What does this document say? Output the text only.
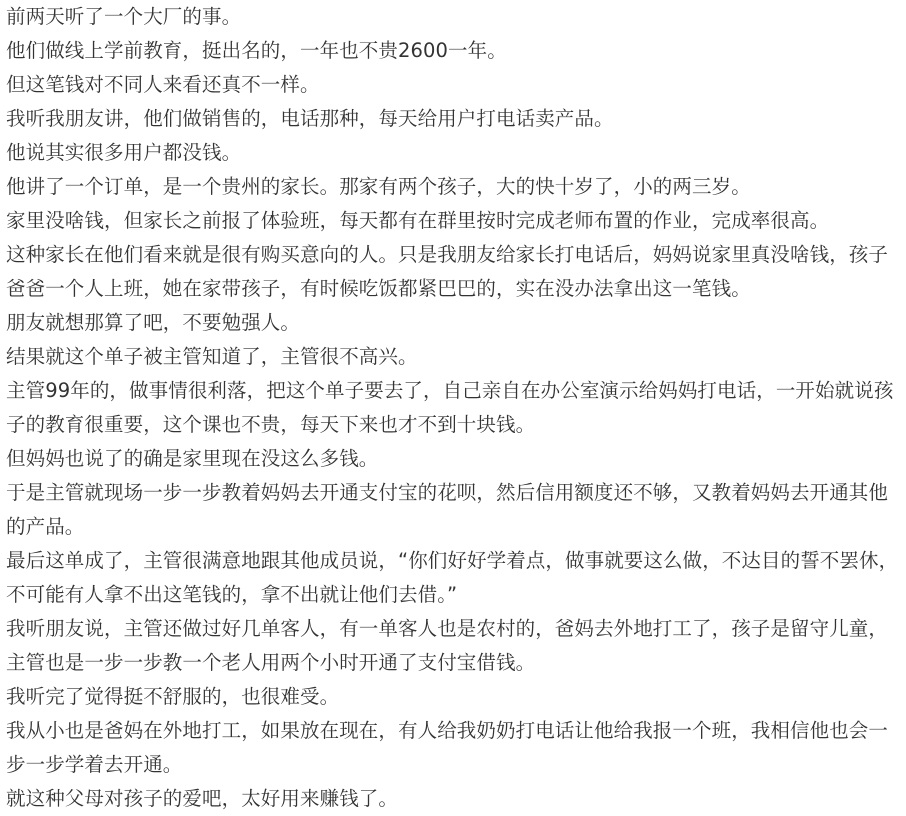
前两天听了一个大厂的事。

他们做线上学前教育，挺出名的，一年也不贵2600一年。

但这笔钱对不同人来看还真不一样。

我听我朋友讲，他们做销售的，电话那种，每天给用户打电话卖产品。

他说其实很多用户都没钱。

他讲了一个订单，是一个贵州的家长。那家有两个孩子，大的快十岁了，小的两三岁。

家里没啥钱，但家长之前报了体验班，每天都有在群里按时完成老师布置的作业，完成率很高。

这种家长在他们看来就是很有购买意向的人。只是我朋友给家长打电话后，妈妈说家里真没啥钱，孩子爸爸一个人上班，她在家带孩子，有时候吃饭都紧巴巴的，实在没办法拿出这一笔钱。

朋友就想那算了吧，不要勉强人。

结果就这个单子被主管知道了，主管很不高兴。

主管99年的，做事情很利落，把这个单子要去了，自己亲自在办公室演示给妈妈打电话，一开始就说孩子的教育很重要，这个课也不贵，每天下来也才不到十块钱。

但妈妈也说了的确是家里现在没这么多钱。

于是主管就现场一步一步教着妈妈去开通支付宝的花呗，然后信用额度还不够，又教着妈妈去开通其他的产品。

最后这单成了，主管很满意地跟其他成员说，“你们好好学着点，做事就要这么做，不达目的誓不罢休，不可能有人拿不出这笔钱的，拿不出就让他们去借。”

我听朋友说，主管还做过好几单客人，有一单客人也是农村的，爸妈去外地打工了，孩子是留守儿童，主管也是一步一步教一个老人用两个小时开通了支付宝借钱。

我听完了觉得挺不舒服的，也很难受。

我从小也是爸妈在外地打工，如果放在现在，有人给我奶奶打电话让他给我报一个班，我相信他也会一步一步学着去开通。

就这种父母对孩子的爱吧，太好用来赚钱了。
